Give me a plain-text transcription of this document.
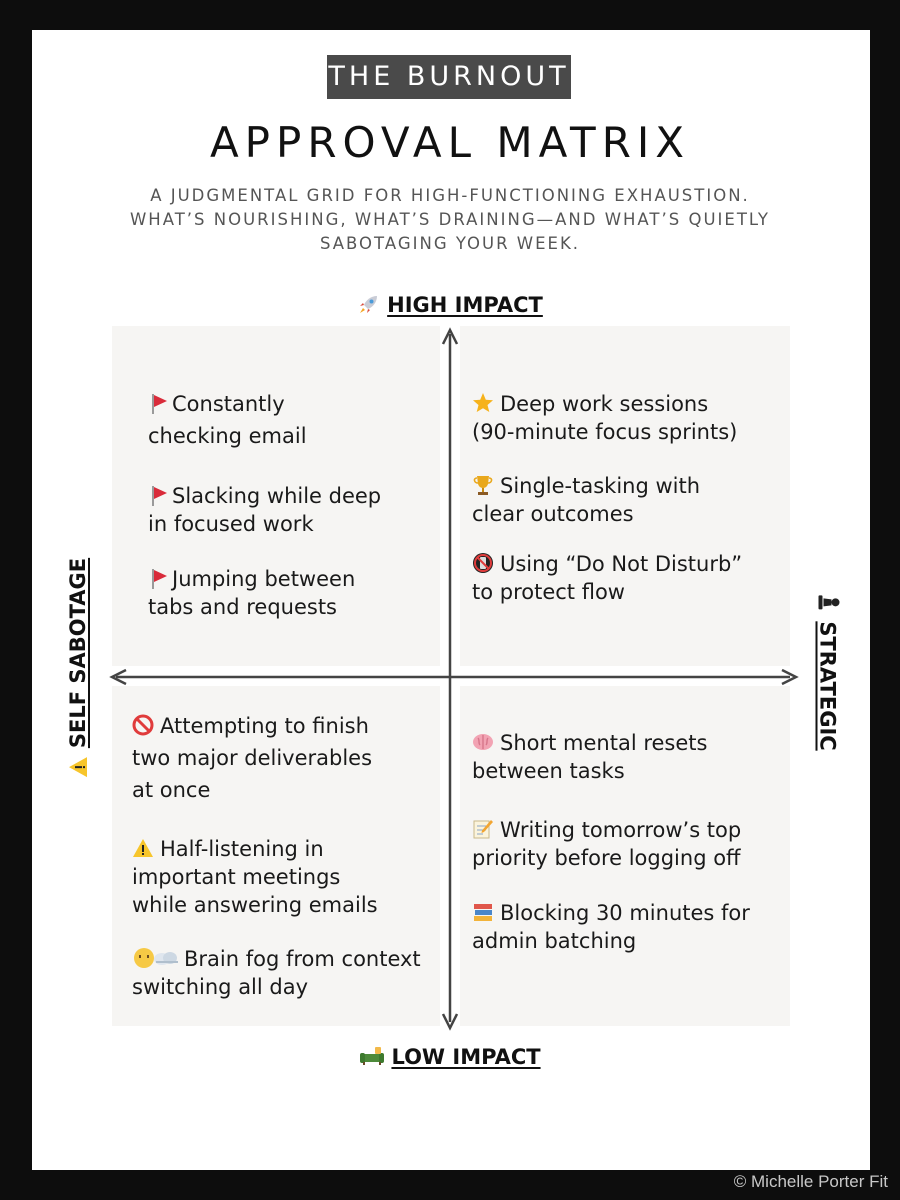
THE BURNOUT
APPROVAL MATRIX
A JUDGMENTAL GRID FOR HIGH-FUNCTIONING EXHAUSTION. WHAT’S NOURISHING, WHAT’S DRAINING—AND WHAT’S QUIETLY SABOTAGING YOUR WEEK.
HIGH IMPACT
LOW IMPACT
SELF SABOTAGE	STRATEGIC
Constantly
checking email
Slacking while deep
in focused work
Jumping between
tabs and requests
Deep work sessions
(90-minute focus sprints)
Single-tasking with
clear outcomes
Using “Do Not Disturb”
to protect flow
Attempting to finish
two major deliverables
at once
Half-listening in
important meetings
while answering emails
Brain fog from context
switching all day
Short mental resets
between tasks
Writing tomorrow’s top
priority before logging off
Blocking 30 minutes for
admin batching
© Michelle Porter Fit
